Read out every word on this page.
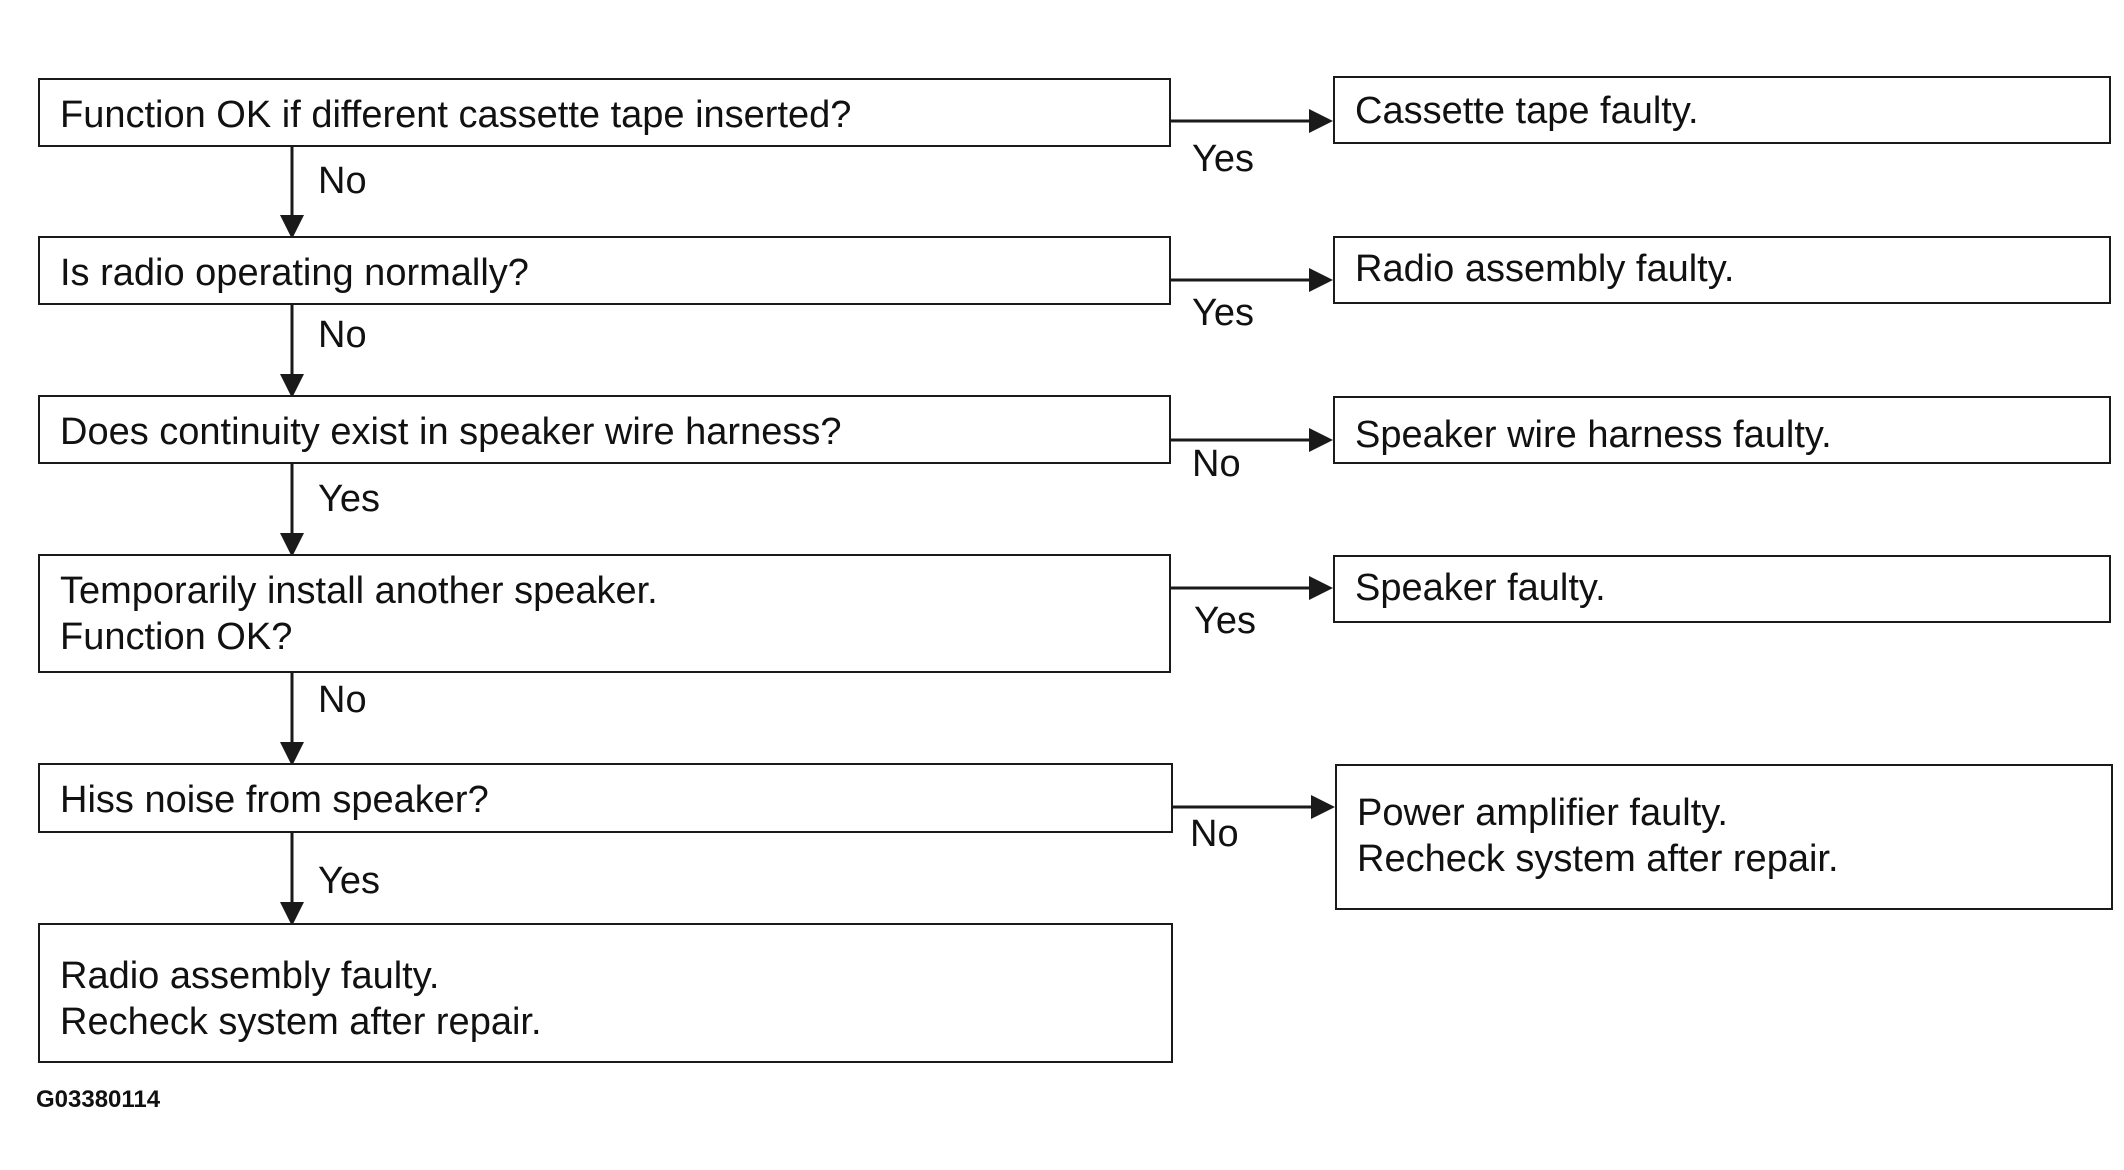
Function OK if different cassette tape inserted?
Is radio operating normally?
Does continuity exist in speaker wire harness?
Temporarily install another speaker.
Function OK?
Hiss noise from speaker?
Radio assembly faulty.
Recheck system after repair.
Cassette tape faulty.
Radio assembly faulty.
Speaker wire harness faulty.
Speaker faulty.
Power amplifier faulty.
Recheck system after repair.
No
No
Yes
No
Yes
Yes
Yes
No
Yes
No
G03380114
